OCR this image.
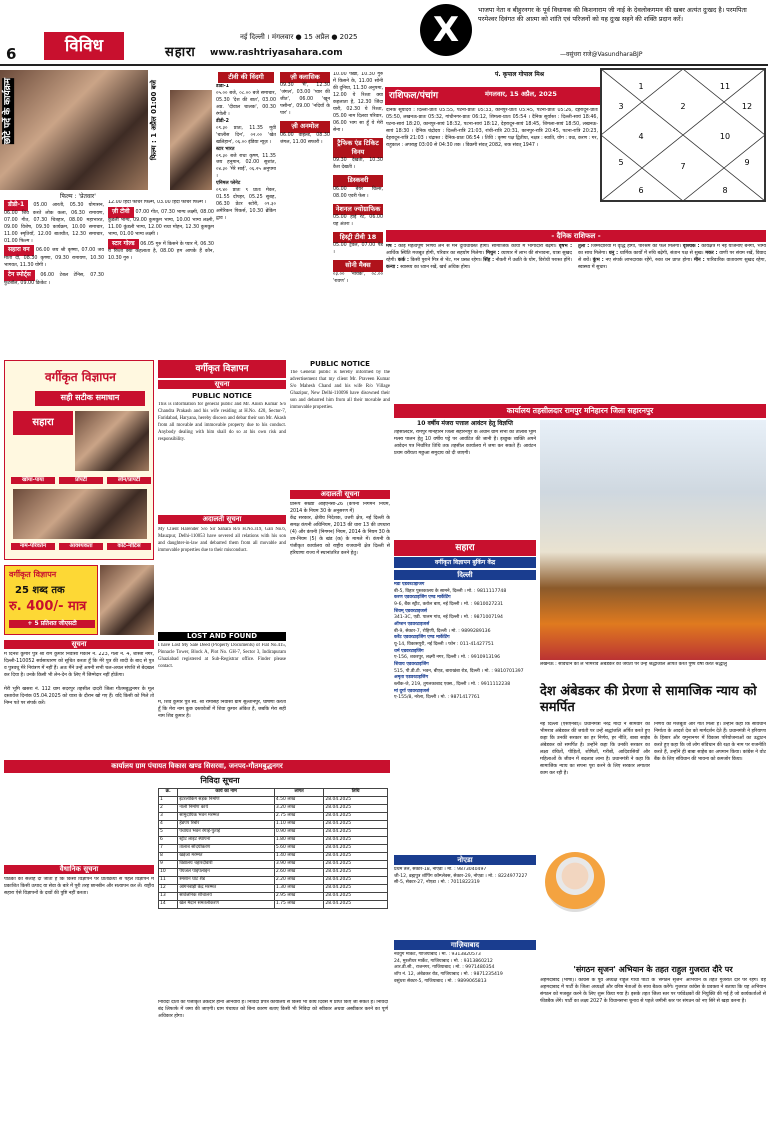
6	विविध	नई दिल्ली । मंगलवार ● 15 अप्रैल ● 2025
सहारा www.rashtriyasahara.com
X	भाजपा नेता व बीहुरनगर के पूर्व विधायक की किशनाराम जी नाई के देवलोकगमन की खबर अत्यंत दुःखद है। परमपिता परमेश्वर दिवंगत की आत्मा को शांति एवं परिजनों को यह दुःख सहने की शक्ति प्रदान करें।
—वसुंधरा राजे@VasundharaBJP
छोटे पर्दे के कार्यक्रम
फिल्म : 'प्रेतवार'
फिल्म : 1 अप्रैल 01:00 बजे
टीवी की विंदगी
डीडी-1
०५.०० बजे, ०८.०० बजे समाचार, 05.30 'देश की बात', 03.00 अप्र. 'दीवाल चालक', 00.30 रंगोली ।
डीडी-2
०९.३० प्रातः, 11.35 मूवी 'चालीस दिन', ०२.०० 'खेत खलिहान', ०६.०० इंडिया न्यूज़ ।
स्टार भारत
०९.३० बजे राधा कृष्ण, 11.35 जय हनुमान, 02.00 सुशांत, ०४.३० 'मेरे साईं', ०६.२५ अनुपमा ।
एनिमल प्लेनेट
०९.४० प्रातः ९ प्रातः मेकर, 01.55 दोपहर, 05.25 सुबह, 06.30 प्रेटर स्टोरी, ०९.३० अमेरिकन पिकर्स, 10.30 ब्रेकिंग द्वाव ।
डीडी-1 05.00 आरती, 05.30 योगासन, 06.00 शिव करते लोक कला, 06.30 रामायण, 07.00 गीत, 07.30 चित्रहार, 08.00 महाभारत, 09.00 विशेष, 09.30 कार्यक्रम, 10.00 समाचार, 11.00 स्मृतियाँ, 12.00 बातचीत, 12.30 समाचार, 01.00 फिल्म ।
सहारा वन 06.00 जय श्री कृष्णा, 07.00 जय माता दी, 08.30 कृष्णा, 09.30 रामायण, 10.30 भागवत, 11.30 योगी ।
टेन स्पोर्ट्स 06.00 टेबल टेनिस, 07.30 फुटबॉल, 09.00 क्रिकेट ।
12.00 हिंदी फीचर फिल्म, 03.00 हिंदी फीचर फिल्म ।
ज़ी टीवी 07.00 गीत, 07.30 भाग्य लक्ष्मी, 08.00 कुंडली भाग्य, 09.00 कुमकुम भाग्य, 10.00 भाग्य लक्ष्मी, 11.00 कुंडली भाग्य, 12.00 राधा मोहन, 12.30 कुमकुम भाग्य, 01.00 भाग्य लक्ष्मी ।
स्टार गोल्ड 06.05 गुरु में किसने के प्यार में, 06.30 ये रिश्ता क्या कहलाता है, 08.00 हम आपके हैं कौन, 10.30 गुरु ।
ज़ी क्लासिक
09.30 'मैं', 12.30 'जंगल', 03.00 'प्यार की जीत', 06.00 'खून पसीना', 09.00 'नदियाँ के पार' ।
ज़ी अनमोल
06.00 वाइल्ड, 08.30 जंगल, 11.00 सफारी ।
10.00 पंख़ा, 10.30 गुरु में किसने के, 11.00 सोनी की दुनिया, 11.30 अनुपमा, 12.00 ये रिश्ता क्या कहलाता है, 12.30 जिंदा यारी, 02.30 ये रिश्ता, 05.00 नाम दिलवा परिवार, 06.00 भाग सा हूँ ये मेरी सेना ।
ट्रैफिक एंड टिकिट विनय
09.30 देखती, 10.30 कैश देखती ।
डिस्कवरी
06.00 बेयर ग्रिल्स, 08.00 एवरी फेस ।
नेशनल ज्योग्राफिक
05.00 हाई रेट, 06.00 यह अंतरा ।
हिस्ट्री टीवी 18
05.00 ट्रैवल, 07.00 पैड ।
सोनी मैक्स
०३.०० 'नायक', ०८.०० 'रावण' ।
राशिफल/पंचांग	मंगलवार, 15 अप्रैल, 2025
पं. कृपाल गोपाल मिश्र
2
1	11
3	12
4	10
5	7	9
6	8
दैनिक सूर्योदय : दिल्ली-प्रातः 05:55, पटना-प्रातः 05:33, कानपुर-प्रातः 05:45, पटना-प्रातः 05:26, देहरादून-प्रातः 05:50, लखनऊ-प्रातः 05:32, गांधीनगर-प्रातः 06:12, शिमला-प्रातः 05:54 । दैनिक सूर्यास्त : दिल्ली-सायं 18:46, पटना-सायं 18:20, कानपुर-सायं 18:32, पटना-सायं 18:12, देहरादून-सायं 18:45, शिमला-सायं 18:50, लखनऊ-सायं 18:30 । दैनिक चंद्रोदय : दिल्ली-रात्रि 21:03, रांची-रात्रि 20:31, कानपुर-रात्रि 20:45, पटना-रात्रि 20:23, देहरादून-रात्रि 21:03 । चंद्रास्त : दैनिक-प्रातः 06:54 । तिथि : कृष्ण पक्ष द्वितीया, नक्षत्र : स्वाति, योग : वज्र, करण : गर, राहुकाल : अपराह्न 03:00 से 04:30 तक । विक्रमी संवत् 2082, शक संवत् 1947 ।
- दैनिक राशिफल -
मेष : कोई महत्वपूर्ण निर्णय लेने से मन दुविधाग्रस्त होगा। सामाजिक कार्यों में भागीदारी बढ़ेगी। वृषभ : आर्थिक स्थिति मजबूत होगी, परिवार का सहयोग मिलेगा। मिथुन : व्यापार में लाभ की संभावना, यात्रा सुखद रहेगी। कर्क : किसी पुराने मित्र से भेंट, मन प्रसन्न रहेगा। सिंह : नौकरी में उन्नति के योग, विरोधी परास्त होंगे। कन्या : स्वास्थ्य का ध्यान रखें, खर्च अधिक होगा।
तुला : जिम्मेदारियों में वृद्धि होगी, परिश्रम का फल मिलेगा। वृश्चिक : कार्यक्षेत्र में नई योजनाएं बनेंगी, भाग्य का साथ मिलेगा। धनु : धार्मिक कार्यों में रुचि बढ़ेगी, संतान पक्ष से सुख। मकर : वाणी पर संयम रखें, विवाद से बचें। कुंभ : नए संपर्क लाभदायक रहेंगे, रुका धन प्राप्त होगा। मीन : पारिवारिक वातावरण सुखद रहेगा, स्वास्थ्य में सुधार।
वर्गीकृत विज्ञापन
सही सटीक समाधान
सहारा
खोया-पाया	प्रॉपर्टी	लोन/प्रापर्टी
नाम-परिवर्तन	आवश्यकता	कोर्ट-नोटिस
वर्गीकृत विज्ञापन
25 शब्द तक
रु. 400/- मात्र
+ 5 प्रतिशत जीएसटी
सूचना
मैं दिनेश कुमार पुत्र श्री राम कुमार निवासी मकान नं. 223, गली नं. 4, शास्त्री नगर, दिल्ली-110052 सर्वसाधारण को सूचित करता हूँ कि मेरे पुत्र की शादी के बाद से पुत्र व पुत्रवधू मेरे नियंत्रण में नहीं हैं। अतः मैंने उन्हें अपनी सभी चल-अचल संपत्ति से बेदखल कर दिया है। उनके किसी भी लेन-देन के लिए मैं जिम्मेदार नहीं होऊँगा।

मेरी भूमि खसरा नं. 112 ग्राम सदरपुर तहसील दादरी जिला गौतमबुद्धनगर के मूल दस्तावेज दिनांक 05.04.2025 को यात्रा के दौरान खो गए हैं। यदि किसी को मिले तो निम्न पते पर संपर्क करें।
वैधानिक सूचना
पाठकों को सलाह दी जाती है कि किसी विज्ञापन पर प्रतिक्रिया से पहले विज्ञापन में प्रकाशित किसी उत्पाद या सेवा के बारे में पूरी तरह छानबीन और सत्यापन कर लें। राष्ट्रीय सहारा ऐसे विज्ञापनों के दावों की पुष्टि नहीं करता।
वर्गीकृत विज्ञापन
सूचना
PUBLIC NOTICE
This is information for general public and Mr. Anish Kumar S/o Chandra Prakash and his wife residing at H.No. 420, Sector-7, Faridabad, Haryana, hereby disown and debar their son Mr. Akash from all movable and immovable property due to his conduct. Anybody dealing with him shall do so at his own risk and responsibility.
अदालती सूचना
My Client Harender S/o Sir Sahara R/o H.No.319, Gali No.6, Mauzpur, Delhi-110053 have severed all relations with his son and daughter-in-law and debarred them from all movable and immovable properties due to their misconduct.
LOST AND FOUND
I have Lost My Sale Deed (Property Documents) of Flat No.415, Pinnacle Tower, Block A, Plot No. GH-7, Sector 3, Indirapuram Ghaziabad registered at Sub-Registrar office. Finder please contact.
मैं, शिव कुमार पुत्र स्व. श्री रामसिंह निवासी ग्राम सुल्तानपुर, घोषणा करता हूँ कि मेरा नाम कुछ दस्तावेजों में शिवा कुमार अंकित है, जबकि मेरा सही नाम शिव कुमार है।
PUBLIC NOTICE
The General public is hereby informed by the advertisement that my client Mr. Praveen Kumar S/o Mahesh Chand and his wife R/o Village Ghazipur, New Delhi-110096 have disowned their son and debarred him from all their movable and immovable properties.
अदालती सूचना
प्रारूप संख्या आईएनसी-26 (कंपनी निगमन नियम, 2014 के नियम 30 के अनुसरण में)
केंद्र सरकार, क्षेत्रीय निदेशक, उत्तरी क्षेत्र, नई दिल्ली के समक्ष कंपनी अधिनियम, 2013 की धारा 13 की उपधारा (4) और कंपनी (निगमन) नियम, 2014 के नियम 30 के उप-नियम (5) के खंड (क) के मामले में। कंपनी के पंजीकृत कार्यालय को राष्ट्रीय राजधानी क्षेत्र दिल्ली से हरियाणा राज्य में स्थानांतरित करने हेतु।
कार्यालय तहसीलदार रामपुर मनिहारन जिला सहारनपुर
10 वर्षीय मंजरा पत्ताल आवंटन हेतु विज्ञप्ति
तहसीलदार, रामपुर मनिहारन जिला सहारनपुर के अधीन ग्राम सभा की तालाब भूमि मत्स्य पालन हेतु 10 वर्षीय पट्टे पर आवंटित की जानी है। इच्छुक व्यक्ति अपने आवेदन पत्र निर्धारित तिथि तक तहसील कार्यालय में जमा कर सकते हैं। आवंटन प्रथम वरीयता मछुआ समुदाय को दी जाएगी।
लखनऊ : संविधान को ले भीमराव अंबेडकर की जयंती पर उन्हें श्रद्धांजलि अर्पित करते पुष्प वर्षा करते श्रद्धालु
सहारा
वर्गीकृत विज्ञापन बुकिंग केंद्र
दिल्ली
मंडी एडवरटाइजिंग
बी-5, विहार पुस्तकालय के सामने, दिल्ली । मो. : 9811117748
करण एडवरटाइजिंग एण्ड मार्केटिंग
9-6, बैंक स्ट्रीट, करोल बाग़, नई दिल्ली । मो. : 9810027231
शिवम् एडवरटाइजर्स
341-3C, एडी. पालम गांव, नई दिल्ली । मो. : 9871007194
ऑप्शन एडवरटाइजर्स
बी-9, सेक्टर-7, रोहिणी, दिल्ली । मो. : 9899289136
करेंट एडवरटाइजिंग एण्ड मार्केटिंग
यू-14, विकासपुरी, नई दिल्ली । फोन : 011-41427751
धर्म एडवरटाइजिंग
ए-156, शकरपुर, लक्ष्मी नगर, दिल्ली । मो. : 9910913196
शिवाय एडवरटाइजिंग
515, पी.डी.टी. भवन, बीएड, बाराखंबा रोड, दिल्ली । मो. : 9810701397
अमृता एडवरटाइजिंग
ब्लॉक-जे, 219, तुगलकाबाद एक्स., दिल्ली । मो. : 9911112238
मां दुर्गा एडवरटाइजर्स
ए-155/8, नरेला, दिल्ली । मो. : 9871417761
नोएडा
प्रथम तल, सेक्टर-18, नोएडा । मो. : 9873040497
जी-12, ब्रह्मपुत्र शॉपिंग कॉम्प्लेक्स, सेक्टर-29, नोएडा । मो. : 8224977227
सी-5, सेक्टर-27, नोएडा । मो. : 7011822319
गाज़ियाबाद
नवयुग मार्केट, गाजियाबाद । मो. : 9313820573
24, मुरलीधर मार्केट, गाजियाबाद । मो. : 9313860212
आर.डी.सी., राजनगर, गाजियाबाद । मो. : 9971480354
शॉप नं. 12, अंबेडकर रोड, गाजियाबाद । मो. : 9871235419
वसुंधरा सेक्टर-5, गाजियाबाद । मो. : 9899065813
कार्यालय ग्राम पंचायत विकास खण्ड सिसरवा, जनपद-गौतमबुद्धनगर
निविदा सूचना
क्र.	कार्य का नाम	लागत	तिथि
1	इंटरलॉकिंग सड़क निर्माण	4.50 लाख	28.04.2025
2	नाली निर्माण कार्य	3.20 लाख	28.04.2025
3	सामुदायिक भवन मरम्मत	2.75 लाख	28.04.2025
4	हैंडपंप रिबोर	1.10 लाख	28.04.2025
5	पंचायत भवन रंगाई-पुताई	0.90 लाख	28.04.2025
6	स्ट्रीट लाइट स्थापना	1.80 लाख	28.04.2025
7	तालाब सौंदर्यीकरण	5.60 लाख	28.04.2025
8	खड़ंजा मरम्मत	1.40 लाख	28.04.2025
9	विद्यालय चहारदीवारी	3.90 लाख	28.04.2025
10	पेयजल पाइपलाइन	2.60 लाख	28.04.2025
11	श्मशान घाट शेड	2.20 लाख	28.04.2025
12	आंगनबाड़ी केंद्र मरम्मत	1.30 लाख	28.04.2025
13	सार्वजनिक शौचालय	2.95 लाख	28.04.2025
14	खेल मैदान समतलीकरण	1.75 लाख	28.04.2025
निविदा दाता को पंजीकृत ठेकेदार होना अनिवार्य है। निविदा प्रपत्र कार्यालय से किसी भी कार्य दिवस में प्राप्त किए जा सकते हैं। निविदा बंद लिफाफे में जमा की जाएगी। ग्राम पंचायत को बिना कारण बताए किसी भी निविदा को स्वीकार अथवा अस्वीकार करने का पूर्ण अधिकार होगा।
देश अंबेडकर की प्रेरणा से सामाजिक न्याय को समर्पित
नई दिल्ली (एसएनबी)। प्रधानमंत्री नरेंद्र मोदी ने सोमवार को भीमराव अंबेडकर की जयंती पर उन्हें श्रद्धांजलि अर्पित करते हुए कहा कि उनकी सरकार का हर निर्णय, हर नीति, बाबा साहेब अंबेडकर को समर्पित है। उन्होंने कहा कि उनकी सरकार का लक्ष्य वंचितों, पीड़ितों, शोषितों, गरीबों, आदिवासियों और महिलाओं के जीवन में बदलाव लाना है। प्रधानमंत्री ने कहा कि सामाजिक न्याय का सपना पूरा करने के लिए सरकार लगातार काम कर रही है।
निर्णय को मजबूती और गति मिली है। उन्होंने कहा कि संविधान निर्माता के आदर्श देश को मार्गदर्शन देते हैं। प्रधानमंत्री ने हरियाणा के हिसार और यमुनानगर में विकास परियोजनाओं का उद्घाटन करते हुए कहा कि जो लोग संविधान की रक्षा के नाम पर राजनीति करते हैं, उन्होंने ही बाबा साहेब का अपमान किया। कांग्रेस ने वोट बैंक के लिए संविधान की भावना को कमजोर किया।
'संगठन सृजन' अभियान के तहत राहुल गुजरात दौरे पर
अहमदाबाद (भाषा)। कांग्रेस के पूर्व अध्यक्ष राहुल गांधी पार्टी के 'संगठन सृजन' अभियान के तहत गुजरात दौरे पर रहेंगे। वह अहमदाबाद में पार्टी के जिला अध्यक्षों और वरिष्ठ नेताओं के साथ बैठक करेंगे। गुजरात कांग्रेस के प्रवक्ता ने बताया कि यह अभियान संगठन को मजबूत करने के लिए शुरू किया गया है। इसके तहत जिला स्तर पर पर्यवेक्षकों की नियुक्ति की गई है जो कार्यकर्ताओं से फीडबैक लेंगे। पार्टी का लक्ष्य 2027 के विधानसभा चुनाव से पहले जमीनी स्तर पर संगठन को नए सिरे से खड़ा करना है।
